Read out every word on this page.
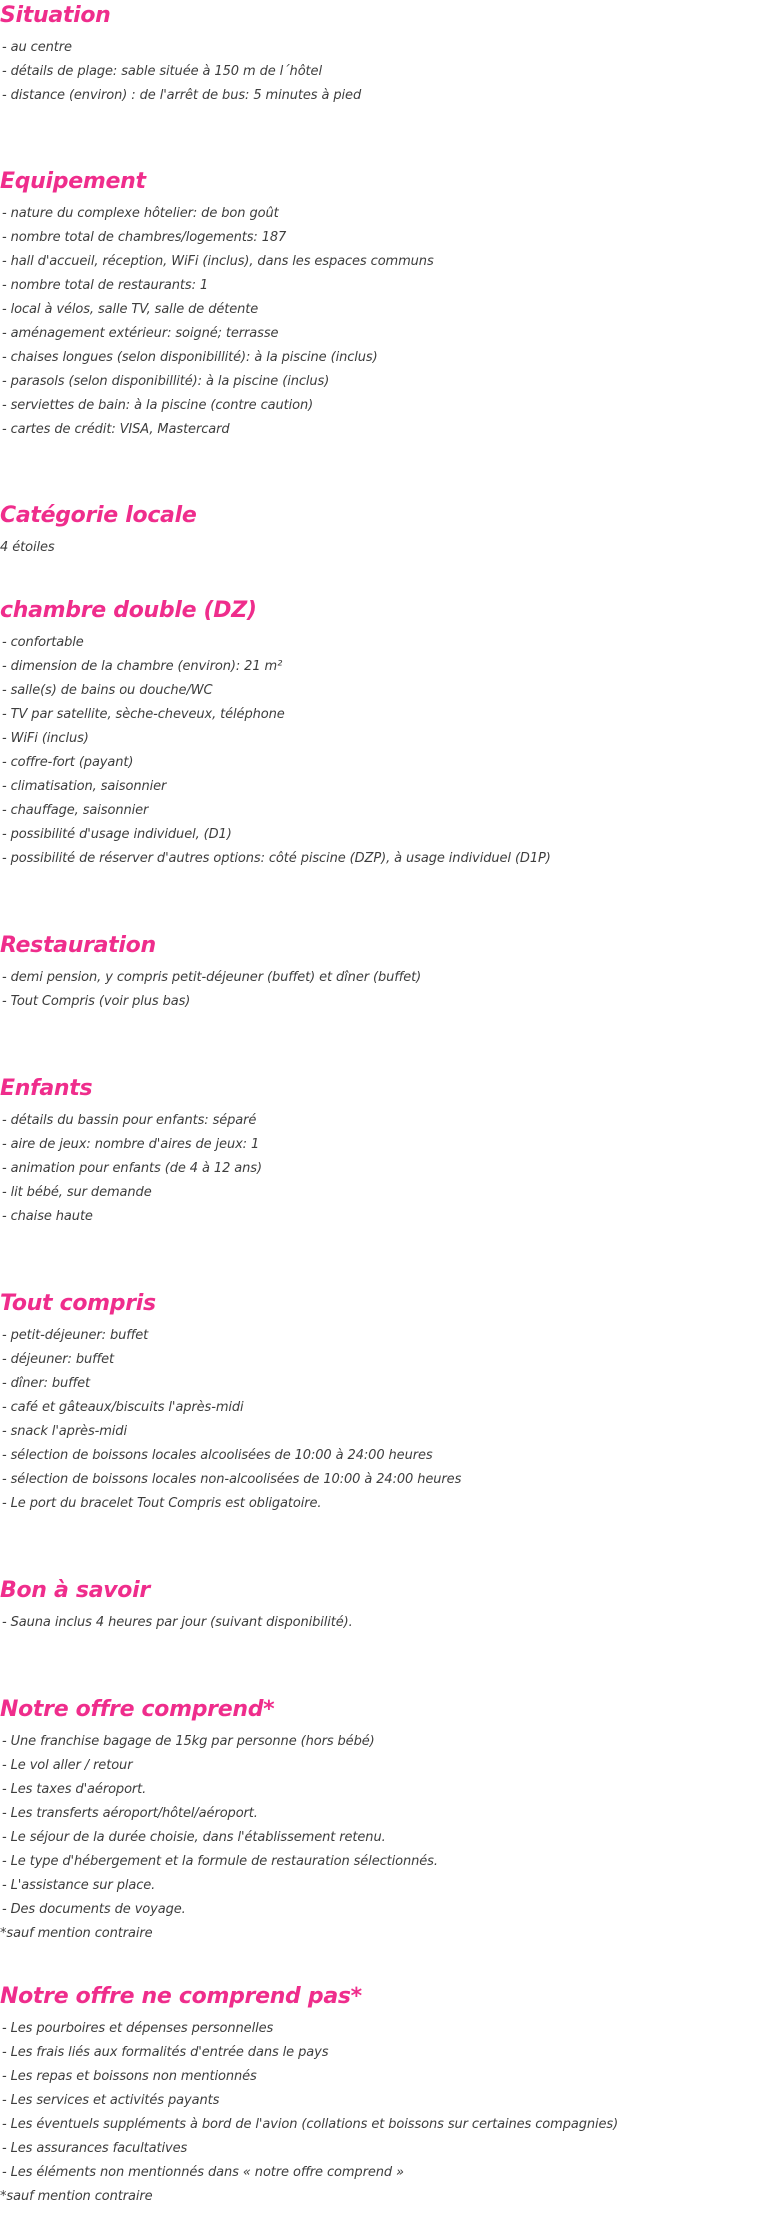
Situation
- au centre
- détails de plage: sable située à 150 m de l´hôtel
- distance (environ) : de l'arrêt de bus: 5 minutes à pied
Equipement
- nature du complexe hôtelier: de bon goût
- nombre total de chambres/logements: 187
- hall d'accueil, réception, WiFi (inclus), dans les espaces communs
- nombre total de restaurants: 1
- local à vélos, salle TV, salle de détente
- aménagement extérieur: soigné; terrasse
- chaises longues (selon disponibillité): à la piscine (inclus)
- parasols (selon disponibillité): à la piscine (inclus)
- serviettes de bain: à la piscine (contre caution)
- cartes de crédit: VISA, Mastercard
Catégorie locale
4 étoiles
chambre double (DZ)
- confortable
- dimension de la chambre (environ): 21 m²
- salle(s) de bains ou douche/WC
- TV par satellite, sèche-cheveux, téléphone
- WiFi (inclus)
- coffre-fort (payant)
- climatisation, saisonnier
- chauffage, saisonnier
- possibilité d'usage individuel, (D1)
- possibilité de réserver d'autres options: côté piscine (DZP), à usage individuel (D1P)
Restauration
- demi pension, y compris petit-déjeuner (buffet) et dîner (buffet)
- Tout Compris (voir plus bas)
Enfants
- détails du bassin pour enfants: séparé
- aire de jeux: nombre d'aires de jeux: 1
- animation pour enfants (de 4 à 12 ans)
- lit bébé, sur demande
- chaise haute
Tout compris
- petit-déjeuner: buffet
- déjeuner: buffet
- dîner: buffet
- café et gâteaux/biscuits l'après-midi
- snack l'après-midi
- sélection de boissons locales alcoolisées de 10:00 à 24:00 heures
- sélection de boissons locales non-alcoolisées de 10:00 à 24:00 heures
- Le port du bracelet Tout Compris est obligatoire.
Bon à savoir
- Sauna inclus 4 heures par jour (suivant disponibilité).
Notre offre comprend*
- Une franchise bagage de 15kg par personne (hors bébé)
- Le vol aller / retour
- Les taxes d'aéroport.
- Les transferts aéroport/hôtel/aéroport.
- Le séjour de la durée choisie, dans l'établissement retenu.
- Le type d'hébergement et la formule de restauration sélectionnés.
- L'assistance sur place.
- Des documents de voyage.
*sauf mention contraire
Notre offre ne comprend pas*
- Les pourboires et dépenses personnelles
- Les frais liés aux formalités d'entrée dans le pays
- Les repas et boissons non mentionnés
- Les services et activités payants
- Les éventuels suppléments à bord de l'avion (collations et boissons sur certaines compagnies)
- Les assurances facultatives
- Les éléments non mentionnés dans « notre offre comprend »
*sauf mention contraire
